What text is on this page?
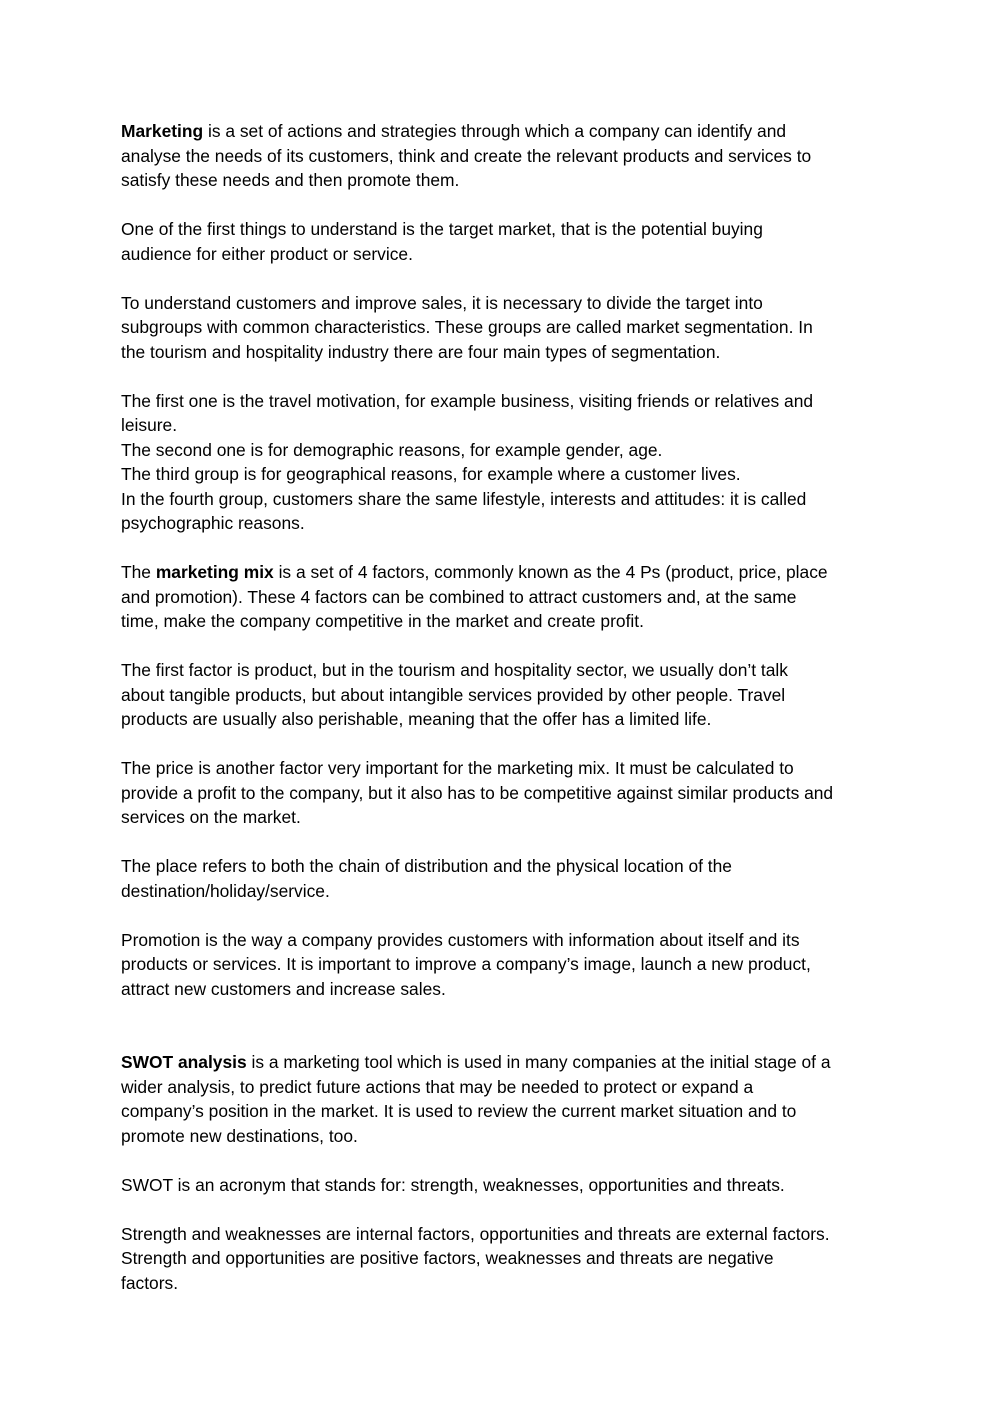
Marketing is a set of actions and strategies through which a company can identify and
analyse the needs of its customers, think and create the relevant products and services to
satisfy these needs and then promote them.

One of the first things to understand is the target market, that is the potential buying
audience for either product or service.

To understand customers and improve sales, it is necessary to divide the target into
subgroups with common characteristics. These groups are called market segmentation. In
the tourism and hospitality industry there are four main types of segmentation.

The first one is the travel motivation, for example business, visiting friends or relatives and
leisure.
The second one is for demographic reasons, for example gender, age.
The third group is for geographical reasons, for example where a customer lives.
In the fourth group, customers share the same lifestyle, interests and attitudes: it is called
psychographic reasons.

The marketing mix is a set of 4 factors, commonly known as the 4 Ps (product, price, place
and promotion). These 4 factors can be combined to attract customers and, at the same
time, make the company competitive in the market and create profit.

The first factor is product, but in the tourism and hospitality sector, we usually don’t talk
about tangible products, but about intangible services provided by other people. Travel
products are usually also perishable, meaning that the offer has a limited life.

The price is another factor very important for the marketing mix. It must be calculated to
provide a profit to the company, but it also has to be competitive against similar products and
services on the market.

The place refers to both the chain of distribution and the physical location of the
destination/holiday/service.

Promotion is the way a company provides customers with information about itself and its
products or services. It is important to improve a company’s image, launch a new product,
attract new customers and increase sales.

SWOT analysis is a marketing tool which is used in many companies at the initial stage of a
wider analysis, to predict future actions that may be needed to protect or expand a
company’s position in the market. It is used to review the current market situation and to
promote new destinations, too.

SWOT is an acronym that stands for: strength, weaknesses, opportunities and threats.

Strength and weaknesses are internal factors, opportunities and threats are external factors.
Strength and opportunities are positive factors, weaknesses and threats are negative
factors.
